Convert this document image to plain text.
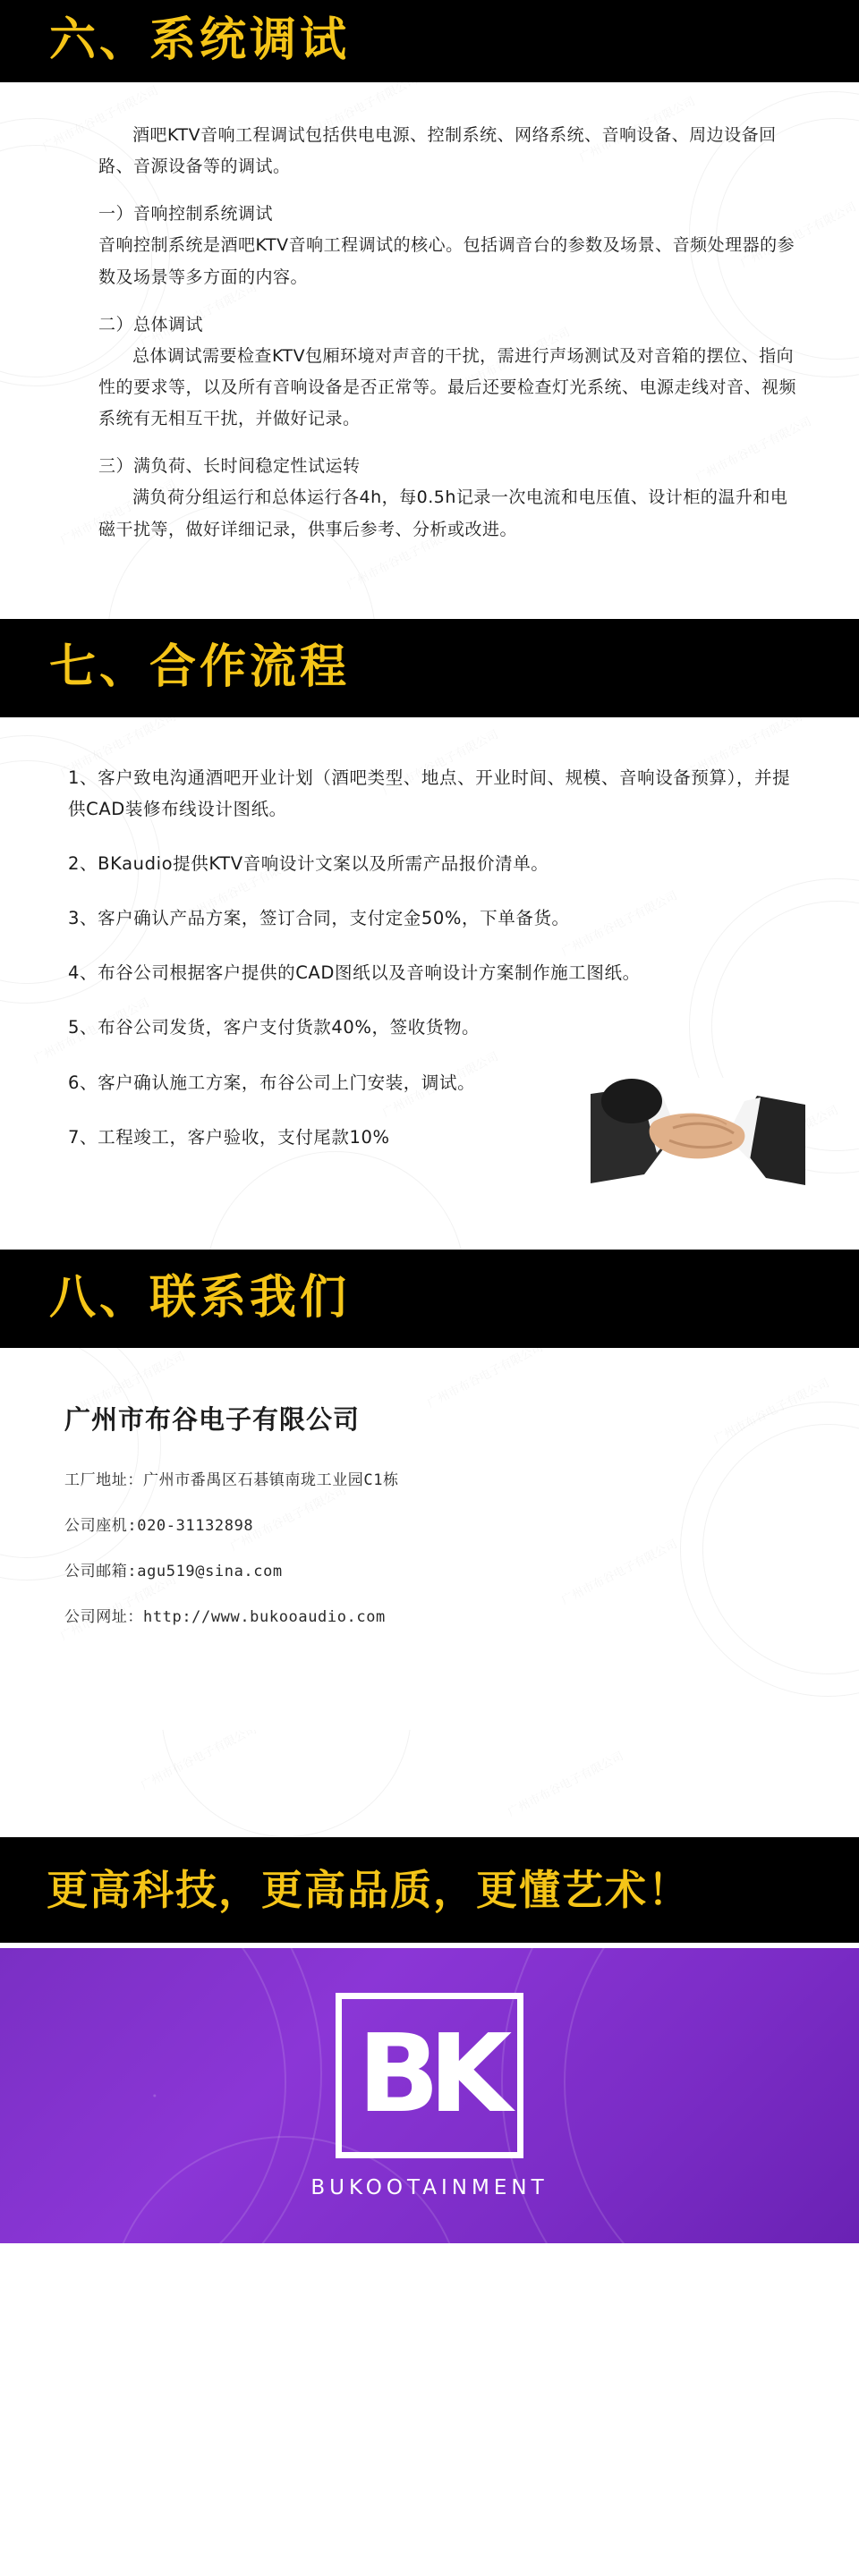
六、系统调试
酒吧KTV音响工程调试包括供电电源、控制系统、网络系统、音响设备、周边设备回路、音源设备等的调试。
一）音响控制系统调试
音响控制系统是酒吧KTV音响工程调试的核心。包括调音台的参数及场景、音频处理器的参数及场景等多方面的内容。
二）总体调试
总体调试需要检查KTV包厢环境对声音的干扰，需进行声场测试及对音箱的摆位、指向性的要求等，以及所有音响设备是否正常等。最后还要检查灯光系统、电源走线对音、视频系统有无相互干扰，并做好记录。
三）满负荷、长时间稳定性试运转
满负荷分组运行和总体运行各4h，每0.5h记录一次电流和电压值、设计柜的温升和电磁干扰等，做好详细记录，供事后参考、分析或改进。
七、合作流程
1、客户致电沟通酒吧开业计划（酒吧类型、地点、开业时间、规模、音响设备预算），并提供CAD装修布线设计图纸。
2、BKaudio提供KTV音响设计文案以及所需产品报价清单。
3、客户确认产品方案，签订合同，支付定金50%，下单备货。
4、布谷公司根据客户提供的CAD图纸以及音响设计方案制作施工图纸。
5、布谷公司发货，客户支付货款40%，签收货物。
6、客户确认施工方案，布谷公司上门安装，调试。
7、工程竣工，客户验收，支付尾款10%
八、联系我们
广州市布谷电子有限公司
工厂地址：广州市番禺区石碁镇南珑工业园C1栋
公司座机:020-31132898
公司邮箱:agu519@sina.com
公司网址：http://www.bukooaudio.com
更高科技，更高品质，更懂艺术！
BK
BUKOOTAINMENT
